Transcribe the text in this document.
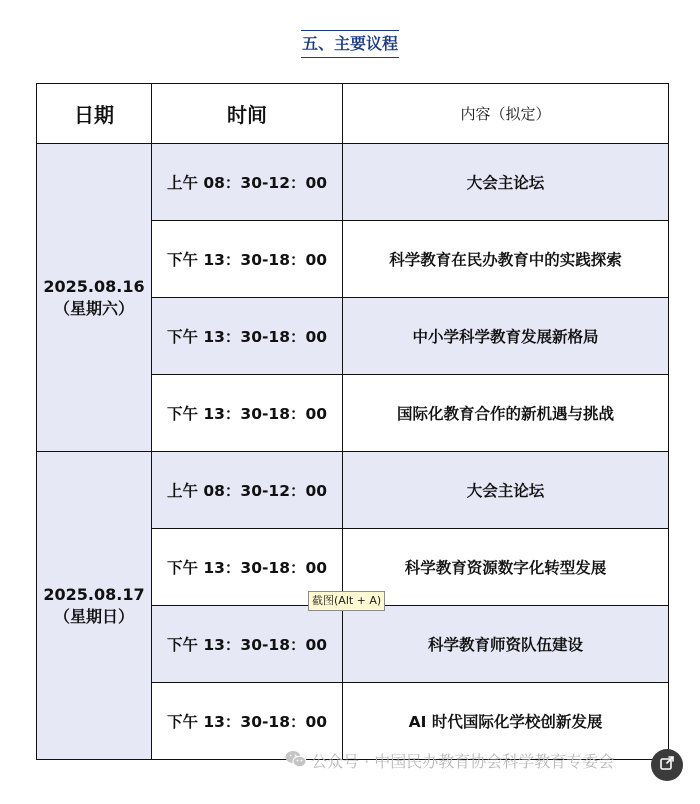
五、主要议程
日期	时间	内容（拟定）

2025.08.16
（星期六）	上午 08：30-12：00	大会主论坛
	下午 13：30-18：00	科学教育在民办教育中的实践探索
	下午 13：30-18：00	中小学科学教育发展新格局
	下午 13：30-18：00	国际化教育合作的新机遇与挑战

2025.08.17
（星期日）	上午 08：30-12：00	大会主论坛
	下午 13：30-18：00	科学教育资源数字化转型发展
	下午 13：30-18：00	科学教育师资队伍建设
	下午 13：30-18：00	AI 时代国际化学校创新发展
截图(Alt + A)
公众号 · 中国民办教育协会科学教育专委会
